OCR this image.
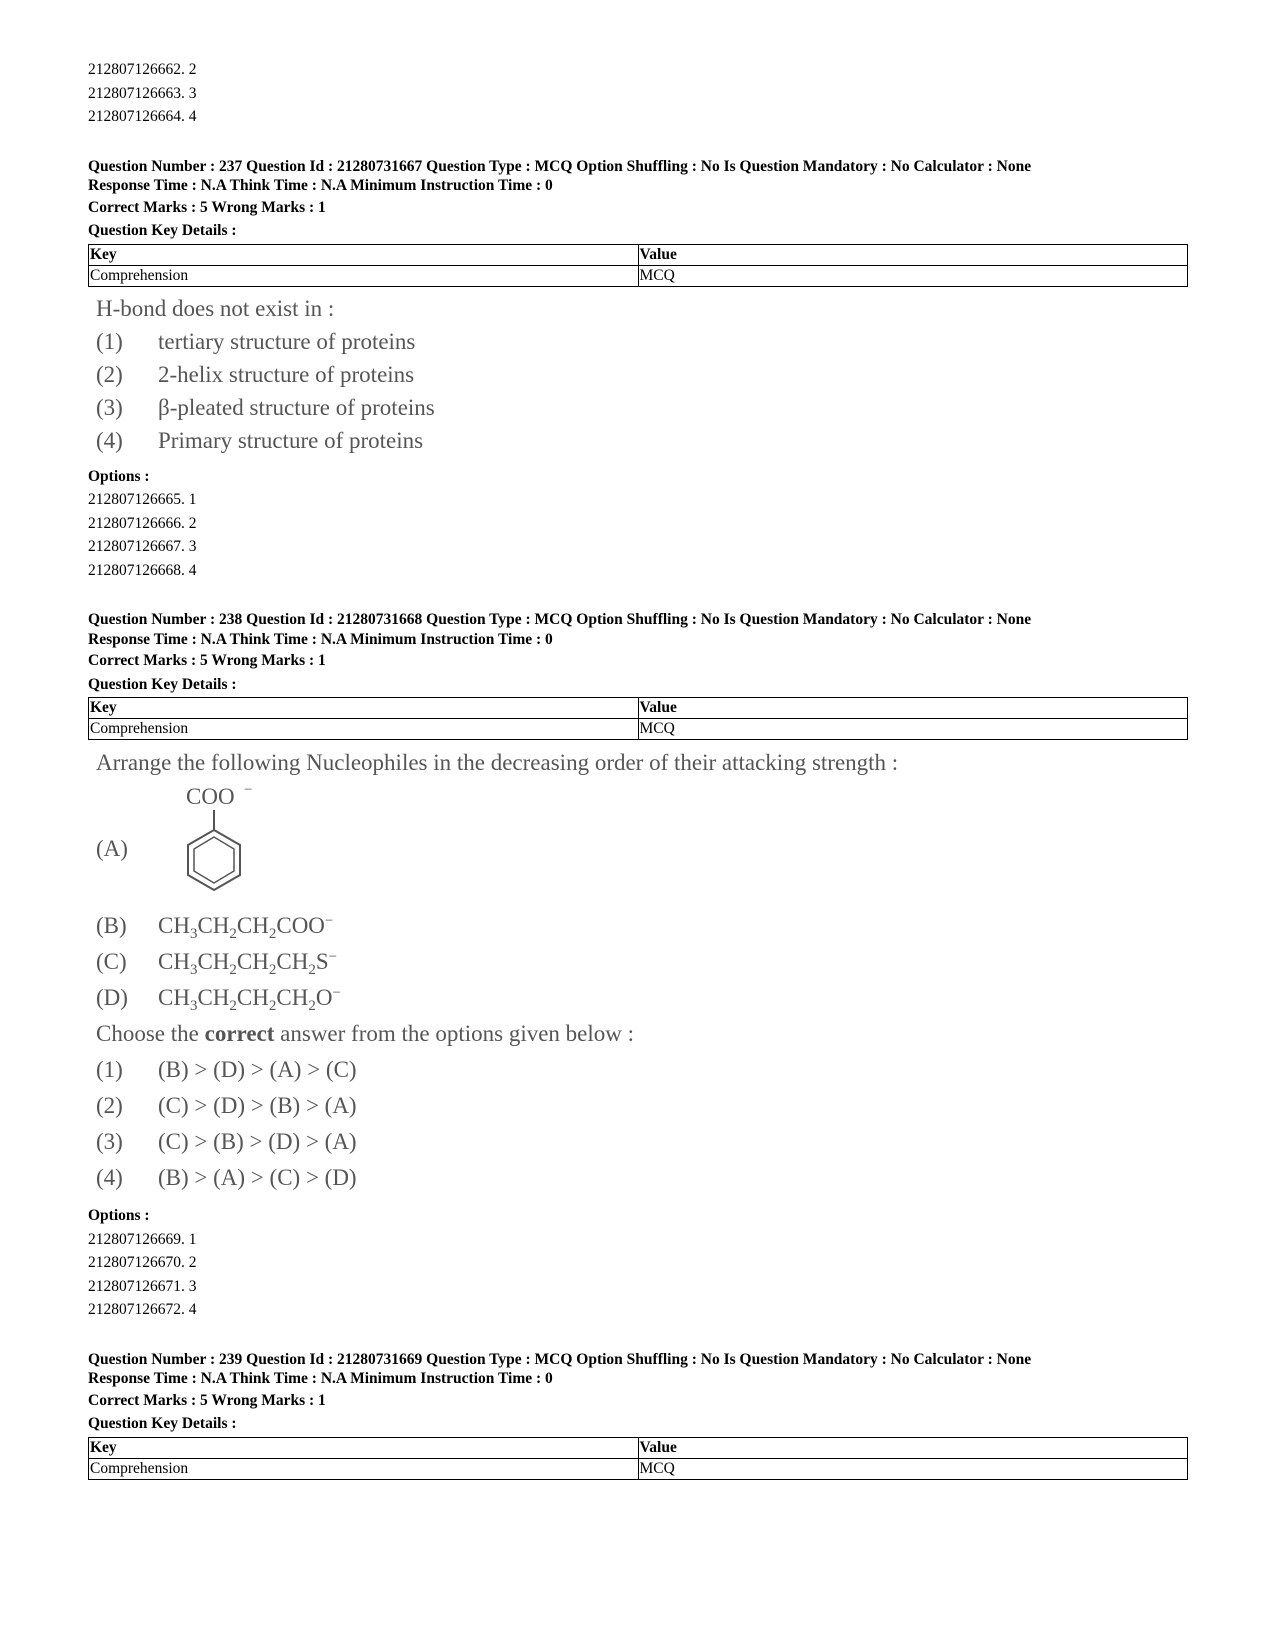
212807126662. 2
212807126663. 3
212807126664. 4
Question Number : 237 Question Id : 21280731667 Question Type : MCQ Option Shuffling : No Is Question Mandatory : No Calculator : None
Response Time : N.A Think Time : N.A Minimum Instruction Time : 0
Correct Marks : 5 Wrong Marks : 1
Question Key Details :
Key	Value
Comprehension	MCQ
H-bond does not exist in :
(1) tertiary structure of proteins
(2) 2-helix structure of proteins
(3) β-pleated structure of proteins
(4) Primary structure of proteins
Options :
212807126665. 1
212807126666. 2
212807126667. 3
212807126668. 4
Question Number : 238 Question Id : 21280731668 Question Type : MCQ Option Shuffling : No Is Question Mandatory : No Calculator : None
Response Time : N.A Think Time : N.A Minimum Instruction Time : 0
Correct Marks : 5 Wrong Marks : 1
Question Key Details :
Key	Value
Comprehension	MCQ
Arrange the following Nucleophiles in the decreasing order of their attacking strength :
(A)
COO −
(B) $CH_3CH_2CH_2COO^-$
(C) $CH_3CH_2CH_2CH_2S^-$
(D) $CH_3CH_2CH_2CH_2O^-$
Choose the correct answer from the options given below :
(1) (B) > (D) > (A) > (C)
(2) (C) > (D) > (B) > (A)
(3) (C) > (B) > (D) > (A)
(4) (B) > (A) > (C) > (D)
Options :
212807126669. 1
212807126670. 2
212807126671. 3
212807126672. 4
Question Number : 239 Question Id : 21280731669 Question Type : MCQ Option Shuffling : No Is Question Mandatory : No Calculator : None
Response Time : N.A Think Time : N.A Minimum Instruction Time : 0
Correct Marks : 5 Wrong Marks : 1
Question Key Details :
Key	Value
Comprehension	MCQ
